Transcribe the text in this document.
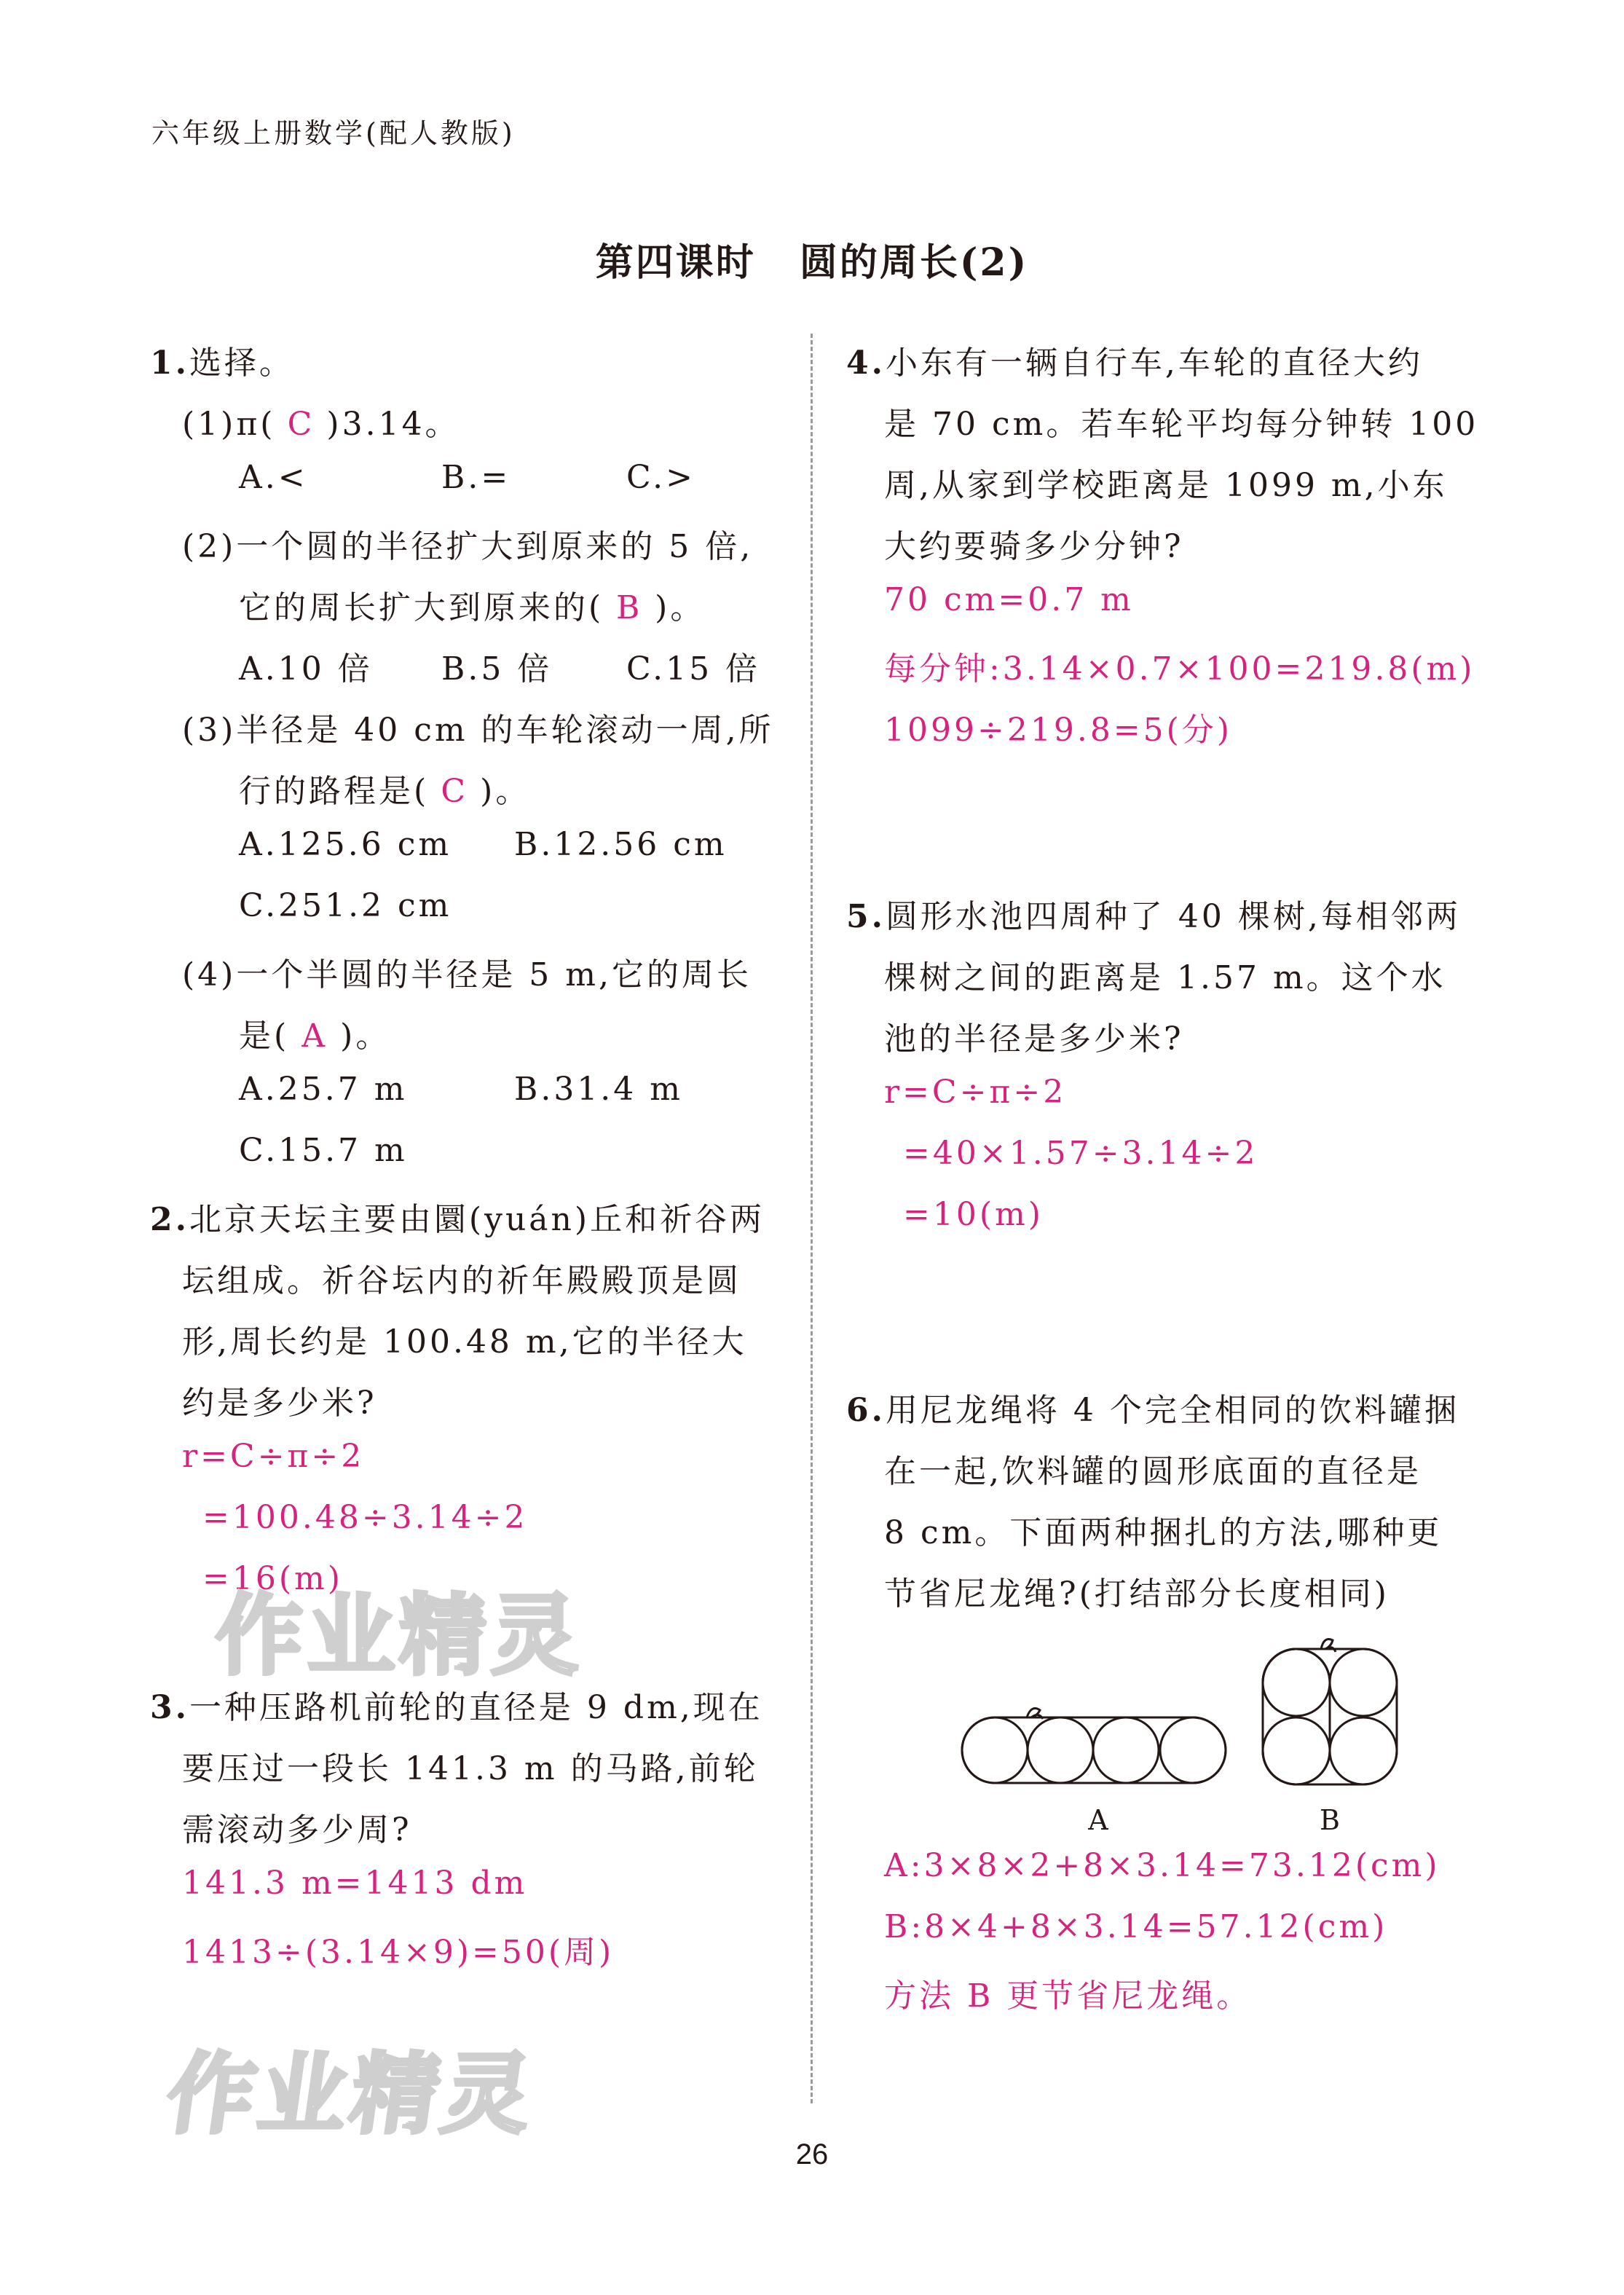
六年级上册数学(配人教版)
第四课时 圆的周长(2)
1.选择。
(1)π( C )3.14。
A.<	B.=	C.>
(2)一个圆的半径扩大到原来的 5 倍,
它的周长扩大到原来的( B )。
A.10 倍 B.5 倍 C.15 倍
(3)半径是 40 cm 的车轮滚动一周,所
行的路程是( C )。
A.125.6 cm B.12.56 cm
C.251.2 cm
(4)一个半圆的半径是 5 m,它的周长
是( A )。
A.25.7 m	B.31.4 m
C.15.7 m
2.北京天坛主要由圜(yuán)丘和祈谷两
坛组成。祈谷坛内的祈年殿殿顶是圆
形,周长约是 100.48 m,它的半径大
约是多少米?
r=C÷π÷2
=100.48÷3.14÷2
=16(m)
作业精灵
3.一种压路机前轮的直径是 9 dm,现在
要压过一段长 141.3 m 的马路,前轮
需滚动多少周?
141.3 m=1413 dm
1413÷(3.14×9)=50(周)
作业精灵
4.小东有一辆自行车,车轮的直径大约
是 70 cm。若车轮平均每分钟转 100
周,从家到学校距离是 1099 m,小东
大约要骑多少分钟?
70 cm=0.7 m
每分钟:3.14×0.7×100=219.8(m)
1099÷219.8=5(分)
5.圆形水池四周种了 40 棵树,每相邻两
棵树之间的距离是 1.57 m。这个水
池的半径是多少米?
r=C÷π÷2
=40×1.57÷3.14÷2
=10(m)
6.用尼龙绳将 4 个完全相同的饮料罐捆
在一起,饮料罐的圆形底面的直径是
8 cm。下面两种捆扎的方法,哪种更
节省尼龙绳?(打结部分长度相同)
A	B
A:3×8×2+8×3.14=73.12(cm)
B:8×4+8×3.14=57.12(cm)
方法 B 更节省尼龙绳。
26
